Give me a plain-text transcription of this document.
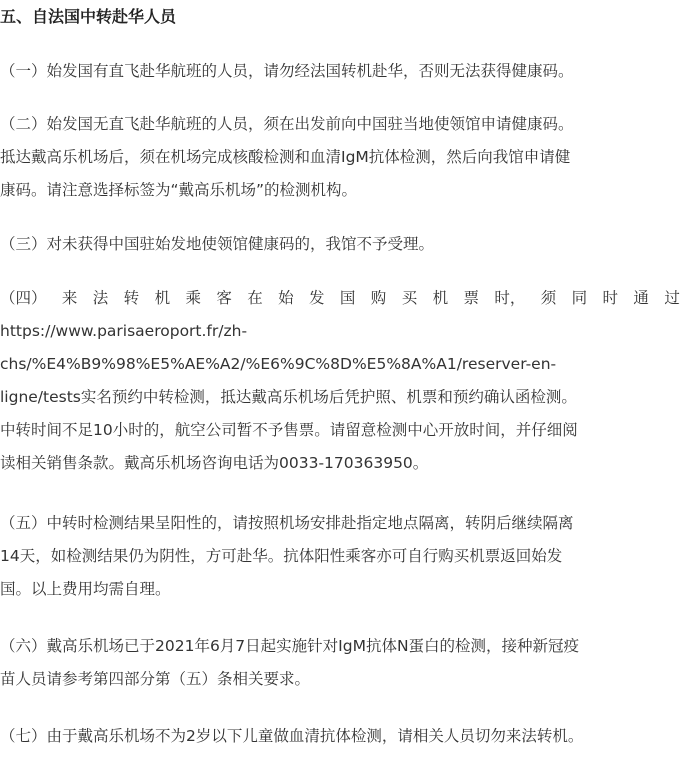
五、自法国中转赴华人员

（一）始发国有直飞赴华航班的人员，请勿经法国转机赴华，否则无法获得健康码。

（二）始发国无直飞赴华航班的人员，须在出发前向中国驻当地使领馆申请健康码。
抵达戴高乐机场后，须在机场完成核酸检测和血清IgM抗体检测，然后向我馆申请健
康码。请注意选择标签为“戴高乐机场”的检测机构。

（三）对未获得中国驻始发地使领馆健康码的，我馆不予受理。

（四） 来 法 转 机 乘 客 在 始 发 国 购 买 机 票 时， 须 同 时 通 过
https://www.parisaeroport.fr/zh-
chs/%E4%B9%98%E5%AE%A2/%E6%9C%8D%E5%8A%A1/reserver-en-
ligne/tests实名预约中转检测，抵达戴高乐机场后凭护照、机票和预约确认函检测。
中转时间不足10小时的，航空公司暂不予售票。请留意检测中心开放时间，并仔细阅
读相关销售条款。戴高乐机场咨询电话为0033-170363950。

（五）中转时检测结果呈阳性的，请按照机场安排赴指定地点隔离，转阴后继续隔离
14天，如检测结果仍为阴性，方可赴华。抗体阳性乘客亦可自行购买机票返回始发
国。以上费用均需自理。

（六）戴高乐机场已于2021年6月7日起实施针对IgM抗体N蛋白的检测，接种新冠疫
苗人员请参考第四部分第（五）条相关要求。

（七）由于戴高乐机场不为2岁以下儿童做血清抗体检测，请相关人员切勿来法转机。
